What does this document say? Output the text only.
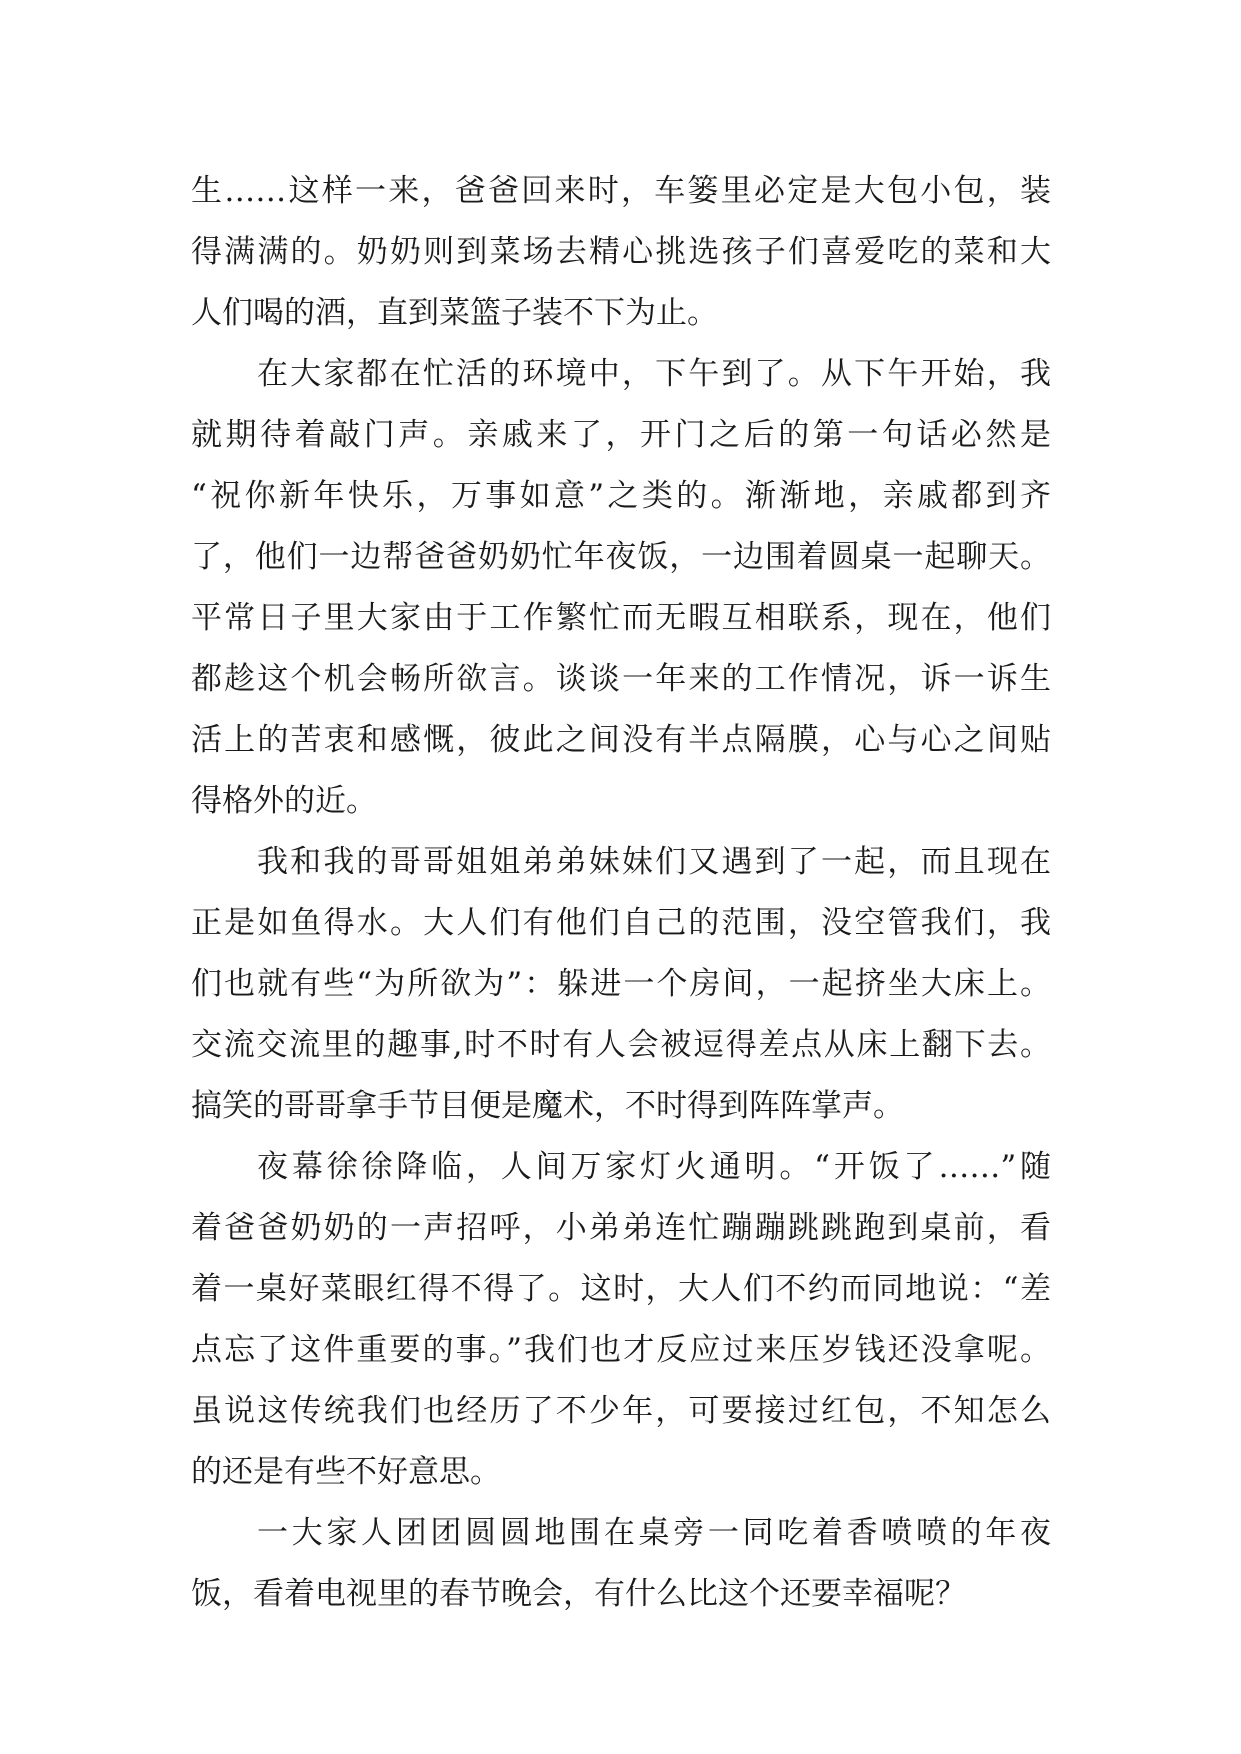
生……这样一来，爸爸回来时，车篓里必定是大包小包，装
得满满的。奶奶则到菜场去精心挑选孩子们喜爱吃的菜和大
人们喝的酒，直到菜篮子装不下为止。
在大家都在忙活的环境中，下午到了。从下午开始，我
就期待着敲门声。亲戚来了，开门之后的第一句话必然是
“祝你新年快乐，万事如意”之类的。渐渐地，亲戚都到齐
了，他们一边帮爸爸奶奶忙年夜饭，一边围着圆桌一起聊天。
平常日子里大家由于工作繁忙而无暇互相联系，现在，他们
都趁这个机会畅所欲言。谈谈一年来的工作情况，诉一诉生
活上的苦衷和感慨，彼此之间没有半点隔膜，心与心之间贴
得格外的近。
我和我的哥哥姐姐弟弟妹妹们又遇到了一起，而且现在
正是如鱼得水。大人们有他们自己的范围，没空管我们，我
们也就有些“为所欲为”：躲进一个房间，一起挤坐大床上。
交流交流里的趣事,时不时有人会被逗得差点从床上翻下去。
搞笑的哥哥拿手节目便是魔术，不时得到阵阵掌声。
夜幕徐徐降临，人间万家灯火通明。“开饭了……”随
着爸爸奶奶的一声招呼，小弟弟连忙蹦蹦跳跳跑到桌前，看
着一桌好菜眼红得不得了。这时，大人们不约而同地说：“差
点忘了这件重要的事。”我们也才反应过来压岁钱还没拿呢。
虽说这传统我们也经历了不少年，可要接过红包，不知怎么
的还是有些不好意思。
一大家人团团圆圆地围在桌旁一同吃着香喷喷的年夜
饭，看着电视里的春节晚会，有什么比这个还要幸福呢？
